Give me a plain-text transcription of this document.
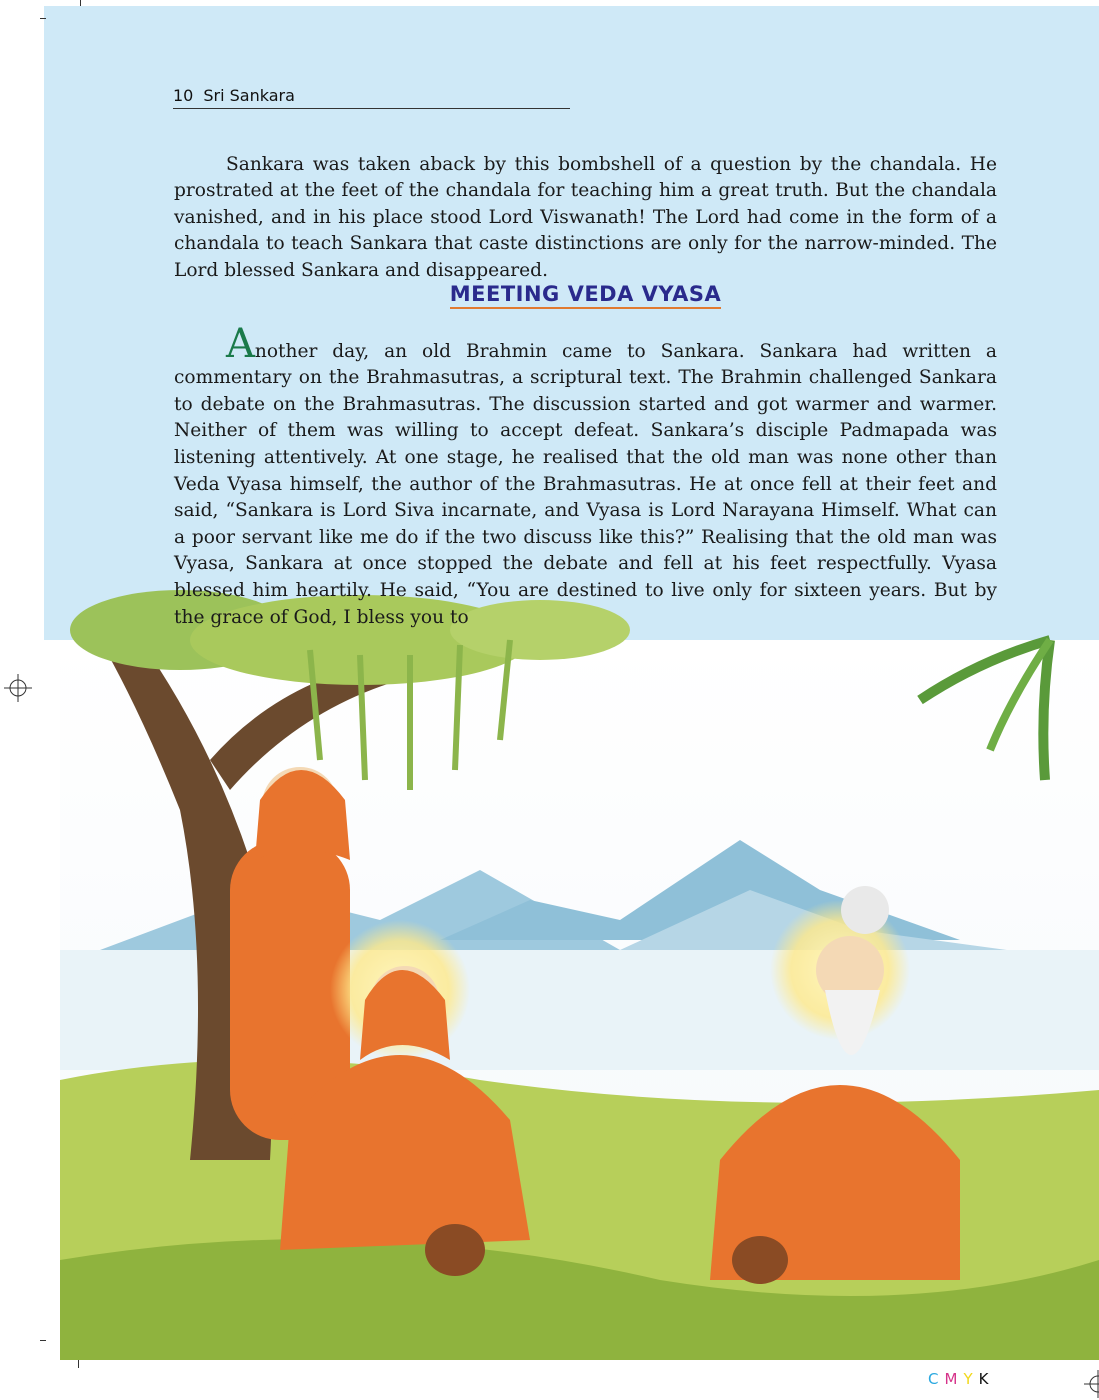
10 Sri Sankara

Sankara was taken aback by this bombshell of a question by the chandala. He prostrated at the feet of the chandala for teaching him a great truth. But the chandala vanished, and in his place stood Lord Viswanath! The Lord had come in the form of a chandala to teach Sankara that caste distinctions are only for the narrow-minded. The Lord blessed Sankara and disappeared.

MEETING VEDA VYASA

Another day, an old Brahmin came to Sankara. Sankara had written a commentary on the Brahmasutras, a scriptural text. The Brahmin challenged Sankara to debate on the Brahmasutras. The discussion started and got warmer and warmer. Neither of them was willing to accept defeat. Sankara’s disciple Padmapada was listening attentively. At one stage, he realised that the old man was none other than Veda Vyasa himself, the author of the Brahmasutras. He at once fell at their feet and said, “Sankara is Lord Siva incarnate, and Vyasa is Lord Narayana Himself. What can a poor servant like me do if the two discuss like this?” Realising that the old man was Vyasa, Sankara at once stopped the debate and fell at his feet respectfully. Vyasa blessed him heartily. He said, “You are destined to live only for sixteen years. But by the grace of God, I bless you to

CMYK
